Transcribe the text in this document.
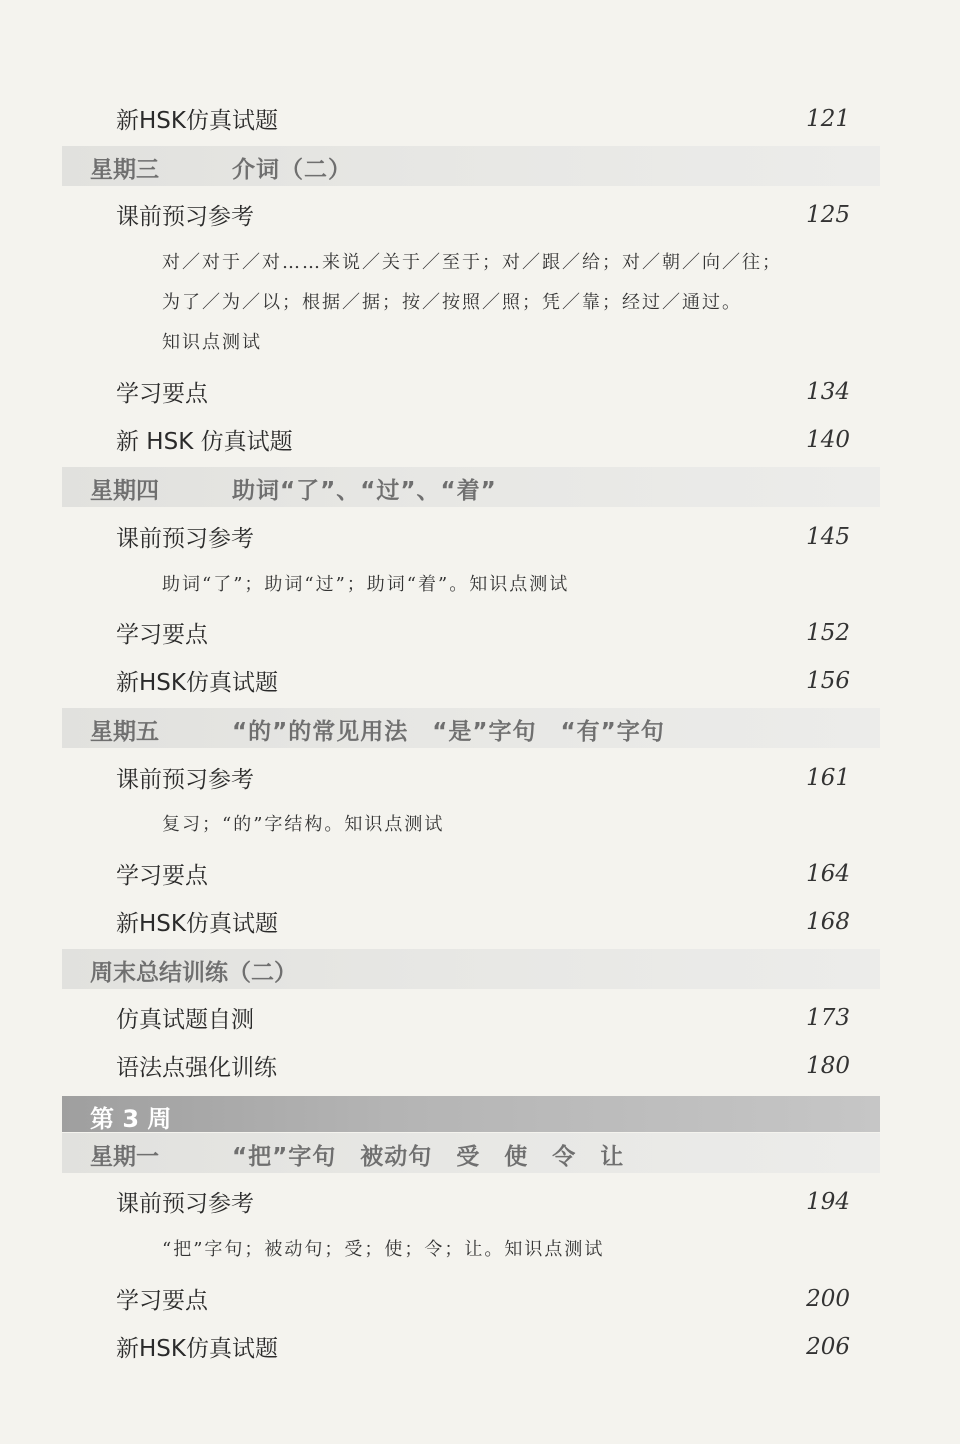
新HSK仿真试题	121
星期三	介词（二）
课前预习参考	125
对／对于／对……来说／关于／至于；对／跟／给；对／朝／向／往；
为了／为／以；根据／据；按／按照／照；凭／靠；经过／通过。
知识点测试
学习要点	134
新 HSK 仿真试题	140
星期四	助词“了”、“过”、“着”
课前预习参考	145
助词“了”；助词“过”；助词“着”。知识点测试
学习要点	152
新HSK仿真试题	156
星期五	“的”的常见用法　“是”字句　“有”字句
课前预习参考	161
复习；“的”字结构。知识点测试
学习要点	164
新HSK仿真试题	168
周末总结训练（二）
仿真试题自测	173
语法点强化训练	180
第 3 周
星期一	“把”字句　被动句　受　使　令　让
课前预习参考	194
“把”字句；被动句；受；使；令；让。知识点测试
学习要点	200
新HSK仿真试题	206
